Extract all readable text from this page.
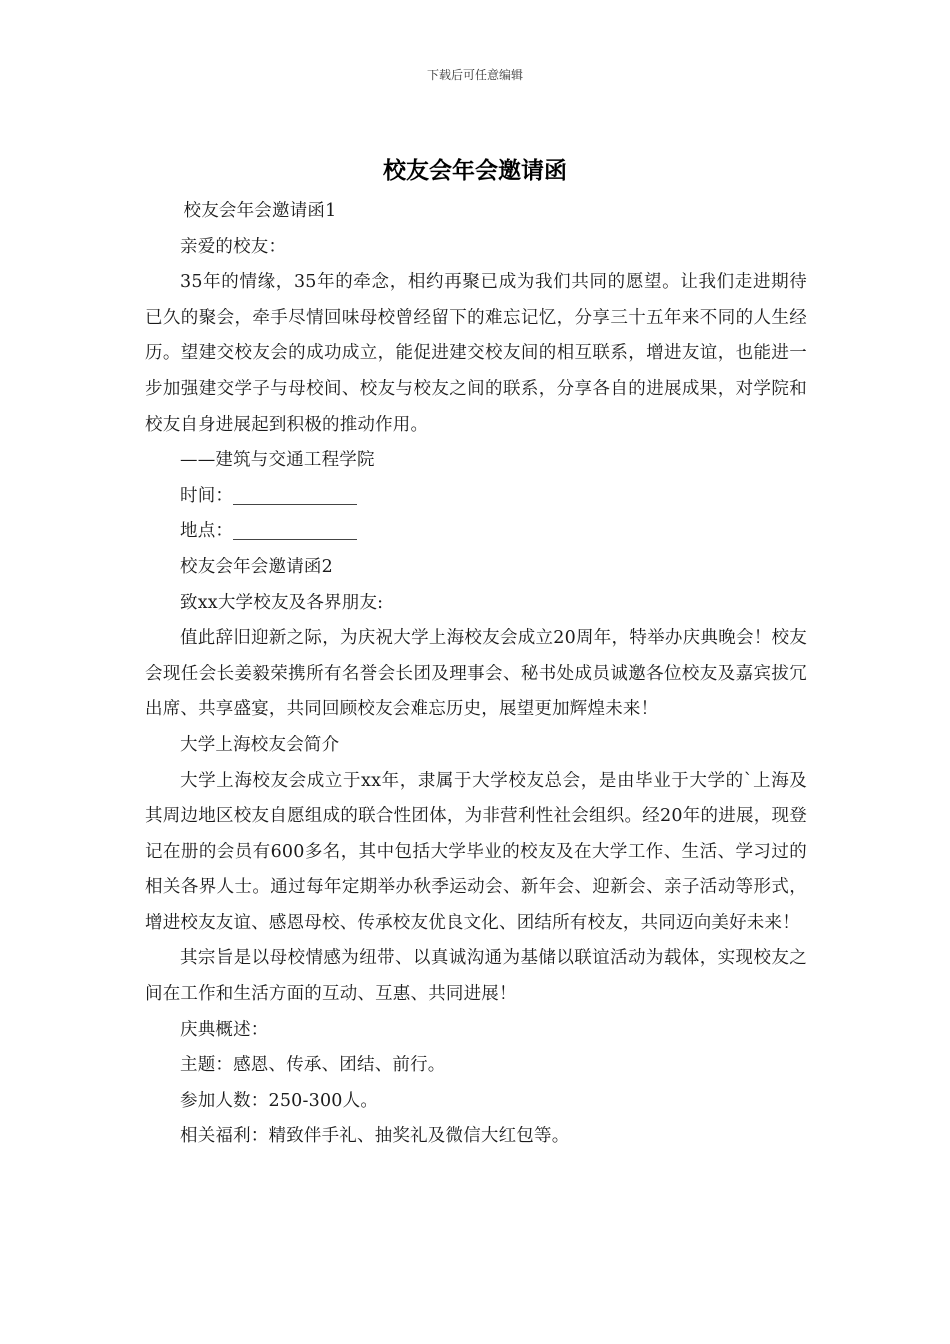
下载后可任意编辑
校友会年会邀请函

校友会年会邀请函1

亲爱的校友：

35年的情缘，35年的牵念，相约再聚已成为我们共同的愿望。让我们走进期待已久的聚会，牵手尽情回味母校曾经留下的难忘记忆，分享三十五年来不同的人生经历。望建交校友会的成功成立，能促进建交校友间的相互联系，增进友谊，也能进一步加强建交学子与母校间、校友与校友之间的联系，分享各自的进展成果，对学院和校友自身进展起到积极的推动作用。

——建筑与交通工程学院

时间：

地点：

校友会年会邀请函2

致xx大学校友及各界朋友:

值此辞旧迎新之际，为庆祝大学上海校友会成立20周年，特举办庆典晚会！校友会现任会长姜毅荣携所有名誉会长团及理事会、秘书处成员诚邀各位校友及嘉宾拔冗出席、共享盛宴，共同回顾校友会难忘历史，展望更加辉煌未来！

大学上海校友会简介

大学上海校友会成立于xx年，隶属于大学校友总会，是由毕业于大学的`上海及其周边地区校友自愿组成的联合性团体，为非营利性社会组织。经20年的进展，现登记在册的会员有600多名，其中包括大学毕业的校友及在大学工作、生活、学习过的相关各界人士。通过每年定期举办秋季运动会、新年会、迎新会、亲子活动等形式，增进校友友谊、感恩母校、传承校友优良文化、团结所有校友，共同迈向美好未来！

其宗旨是以母校情感为纽带、以真诚沟通为基储以联谊活动为载体，实现校友之间在工作和生活方面的互动、互惠、共同进展！

庆典概述：

主题：感恩、传承、团结、前行。

参加人数：250-300人。

相关福利：精致伴手礼、抽奖礼及微信大红包等。
